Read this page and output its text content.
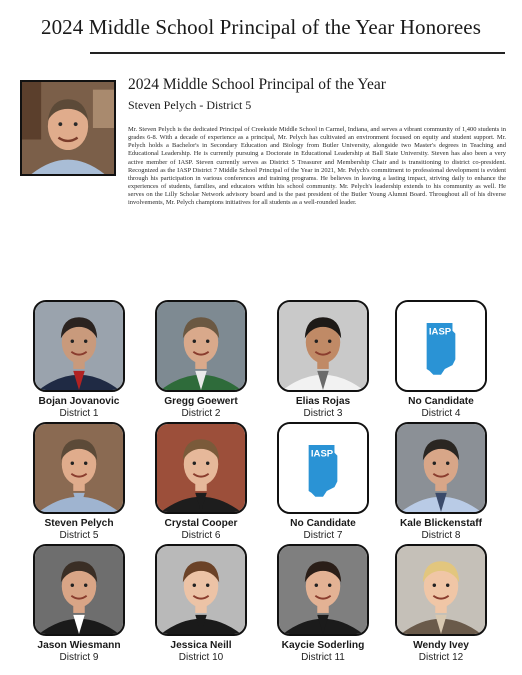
2024 Middle School Principal of the Year Honorees
2024 Middle School Principal of the Year
Steven Pelych - District 5
Mr. Steven Pelych is the dedicated Principal of Creekside Middle School in Carmel, Indiana, and serves a vibrant community of 1,400 students in grades 6-8. With a decade of experience as a principal, Mr. Pelych has cultivated an environment focused on equity and student support. Mr. Pelych holds a Bachelor's in Secondary Education and Biology from Butler University, alongside two Master's degrees in Teaching and Educational Leadership. He is currently pursuing a Doctorate in Educational Leadership at Ball State University. Steven has also been a very active member of IASP. Steven currently serves as District 5 Treasurer and Membership Chair and is transitioning to district co-president. Recognized as the IASP District 7 Middle School Principal of the Year in 2021, Mr. Pelych's commitment to professional development is evident through his participation in various conferences and training programs. He believes in leaving a lasting impact, striving daily to enhance the experiences of students, families, and educators within his school community. Mr. Pelych's leadership extends to his community as well. He serves on the Lilly Scholar Network advisory board and is the past president of the Butler Young Alumni Board. Throughout all of his diverse involvements, Mr. Pelych champions initiatives for all students as a well-rounded leader.
Bojan Jovanovic
District 1
Gregg Goewert
District 2
Elias Rojas
District 3
IASP
No Candidate
District 4
Steven Pelych
District 5
Crystal Cooper
District 6
IASP
No Candidate
District 7
Kale Blickenstaff
District 8
Jason Wiesmann
District 9
Jessica Neill
District 10
Kaycie Soderling
District 11
Wendy Ivey
District 12
